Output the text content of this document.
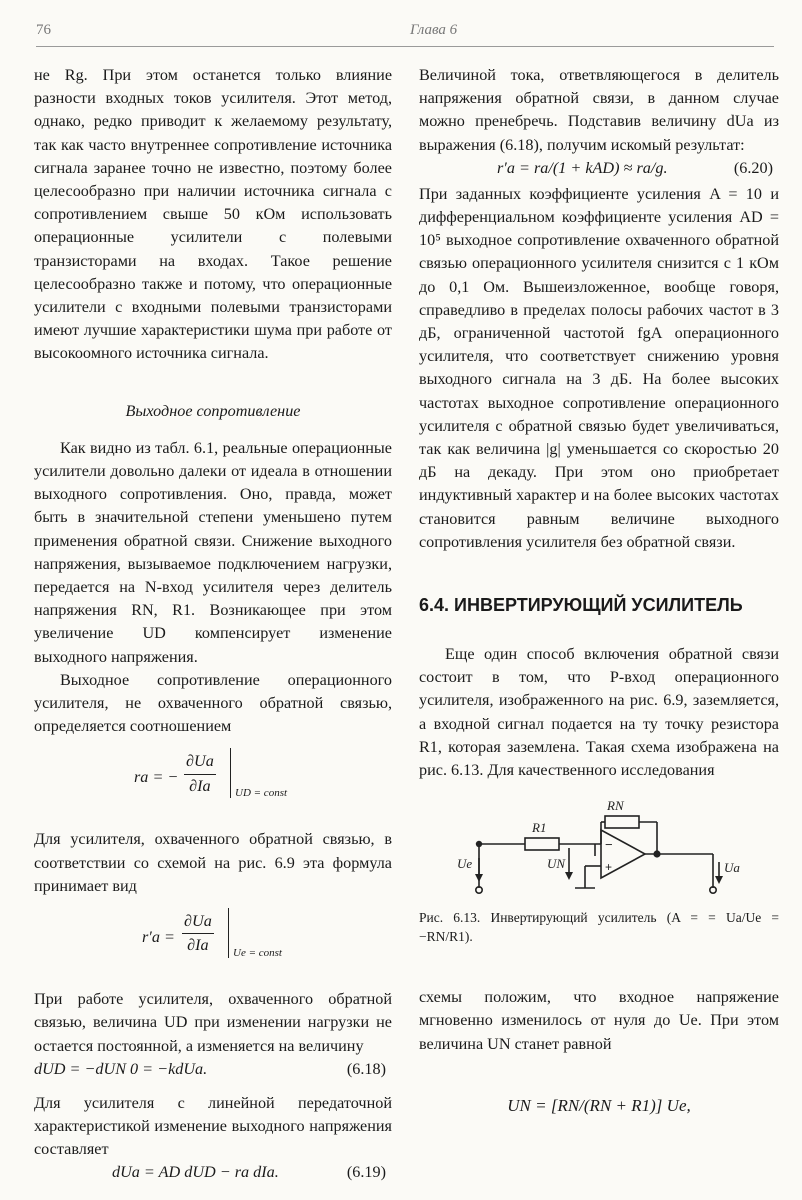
76	Глава 6

не Rg. При этом останется только влияние разности входных токов усилителя. Этот метод, однако, редко приводит к желаемому результату, так как часто внутреннее сопротивление источника сигнала заранее точно не известно, поэтому более целесообразно при наличии источника сигнала с сопротивлением свыше 50 кОм использовать операционные усилители с полевыми транзисторами на входах. Такое решение целесообразно также и потому, что операционные усилители с входными полевыми транзисторами имеют лучшие характеристики шума при работе от высокоомного источника сигнала.

Выходное сопротивление

Как видно из табл. 6.1, реальные операционные усилители довольно далеки от идеала в отношении выходного сопротивления. Оно, правда, может быть в значительной степени уменьшено путем применения обратной связи. Снижение выходного напряжения, вызываемое подключением нагрузки, передается на N-вход усилителя через делитель напряжения RN, R1. Возникающее при этом увеличение UD компенсирует изменение выходного напряжения.

Выходное сопротивление операционного усилителя, не охваченного обратной связью, определяется соотношением

ra = − $\frac{\partial Ua}{\partial Ia}$ UD = const

Для усилителя, охваченного обратной связью, в соответствии со схемой на рис. 6.9 эта формула принимает вид

$r'a = \frac{\partial Ua}{\partial Ia}$ Ue = const

При работе усилителя, охваченного обратной связью, величина UD при изменении нагрузки не остается постоянной, а изменяется на величину

dUD = −dUN 0 = −kdUa.	(6.18)

Для усилителя с линейной передаточной характеристикой изменение выходного напряжения составляет

dUa = AD dUD − ra dIa.	(6.19)

Величиной тока, ответвляющегося в делитель напряжения обратной связи, в данном случае можно пренебречь. Подставив величину dUa из выражения (6.18), получим искомый результат:

r′a = ra/(1 + kAD) ≈ ra/g.	(6.20)

При заданных коэффициенте усиления A = 10 и дифференциальном коэффициенте усиления AD = 10⁵ выходное сопротивление охваченного обратной связью операционного усилителя снизится с 1 кОм до 0,1 Ом. Вышеизложенное, вообще говоря, справедливо в пределах полосы рабочих частот в 3 дБ, ограниченной частотой fgA операционного усилителя, что соответствует снижению уровня выходного сигнала на 3 дБ. На более высоких частотах выходное сопротивление операционного усилителя с обратной связью будет увеличиваться, так как величина |g| уменьшается со скоростью 20 дБ на декаду. При этом оно приобретает индуктивный характер и на более высоких частотах становится равным величине выходного сопротивления усилителя без обратной связи.

6.4. ИНВЕРТИРУЮЩИЙ УСИЛИТЕЛЬ

Еще один способ включения обратной связи состоит в том, что P-вход операционного усилителя, изображенного на рис. 6.9, заземляется, а входной сигнал подается на ту точку резистора R1, которая заземлена. Такая схема изображена на рис. 6.13. Для качественного исследования

RN
R1
Ue	UN	Ua
−
+

Рис. 6.13. Инвертирующий усилитель (A = = Ua/Ue = −RN/R1).

схемы положим, что входное напряжение мгновенно изменилось от нуля до Ue. При этом величина UN станет равной

UN = [RN/(RN + R1)] Ue,
